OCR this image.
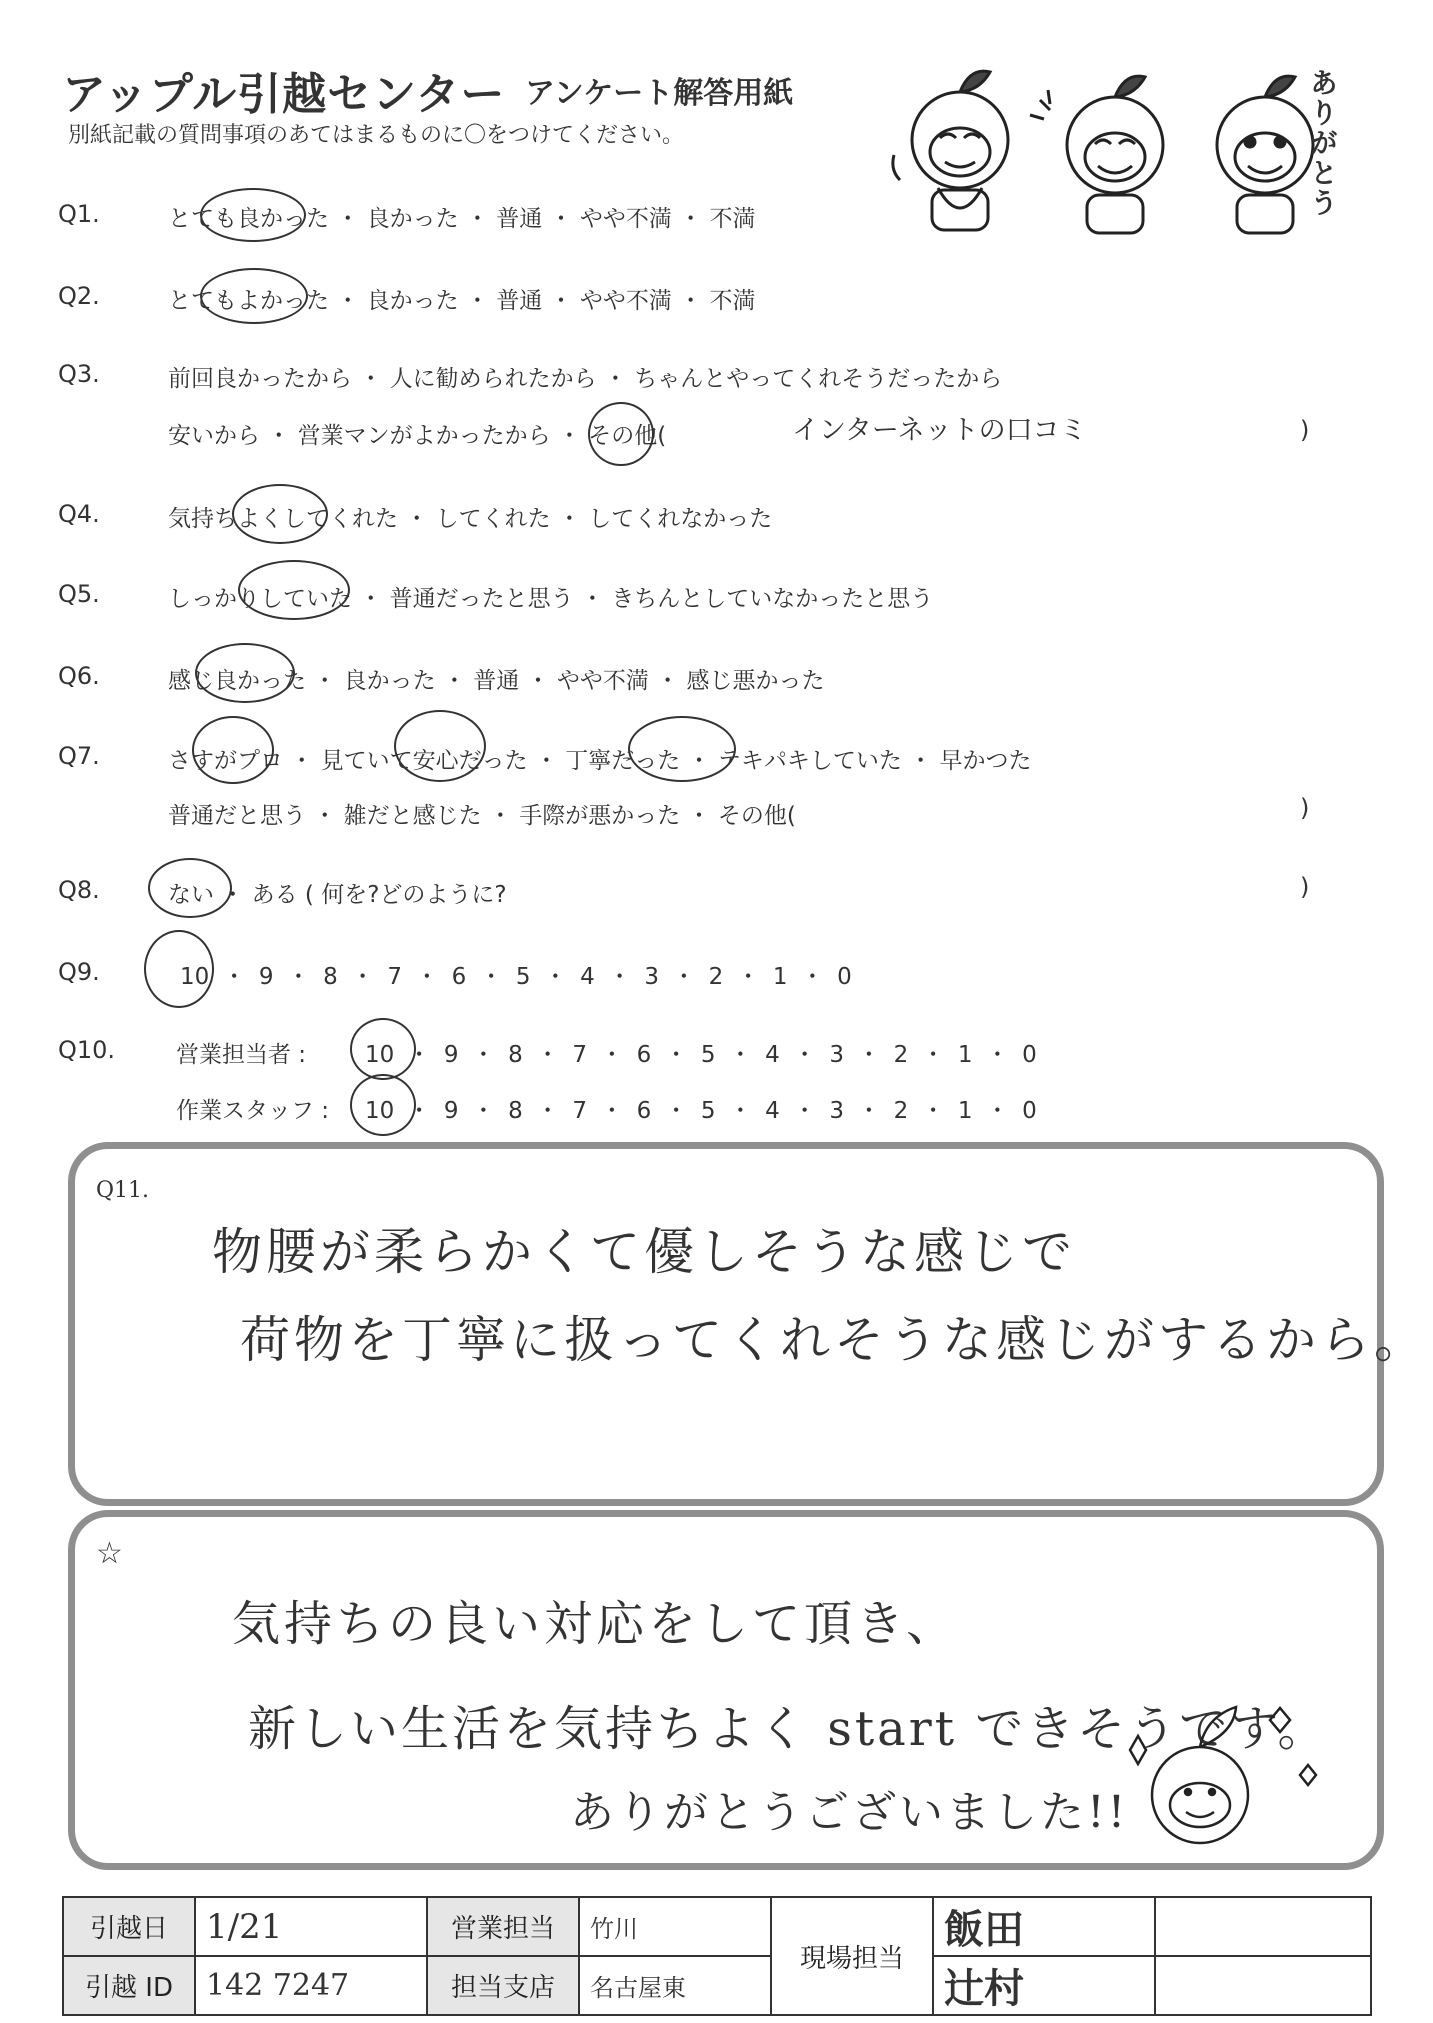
アップル引越センター アンケート解答用紙
別紙記載の質問事項のあてはまるものに〇をつけてください。	ありがとう
Q1.	とても良かった ・ 良かった ・ 普通 ・ やや不満 ・ 不満
Q2.	とてもよかった ・ 良かった ・ 普通 ・ やや不満 ・ 不満
Q3.	前回良かったから ・ 人に勧められたから ・ ちゃんとやってくれそうだったから
安いから ・ 営業マンがよかったから ・ その他(	インターネットの口コミ	)
Q4.	気持ちよくしてくれた ・ してくれた ・ してくれなかった
Q5.	しっかりしていた ・ 普通だったと思う ・ きちんとしていなかったと思う
Q6.	感じ良かった ・ 良かった ・ 普通 ・ やや不満 ・ 感じ悪かった
Q7.	さすがプロ ・ 見ていて安心だった ・ 丁寧だった ・ テキパキしていた ・ 早かつた
普通だと思う ・ 雑だと感じた ・ 手際が悪かった ・ その他(	)
Q8.	ない ・ ある ( 何を?どのように?	)
Q9.	10 ・ 9 ・ 8 ・ 7 ・ 6 ・ 5 ・ 4 ・ 3 ・ 2 ・ 1 ・ 0
Q10.	営業担当者 :	10 ・ 9 ・ 8 ・ 7 ・ 6 ・ 5 ・ 4 ・ 3 ・ 2 ・ 1 ・ 0
作業スタッフ : 10 ・ 9 ・ 8 ・ 7 ・ 6 ・ 5 ・ 4 ・ 3 ・ 2 ・ 1 ・ 0
Q11.
物腰が柔らかくて優しそうな感じで
荷物を丁寧に扱ってくれそうな感じがするから。
☆
気持ちの良い対応をして頂き、
新しい生活を気持ちよく start できそうです。
ありがとうございました!!
引越日	1/21	営業担当	竹川	現場担当	飯田	
引越 ID	142 7247	担当支店	名古屋東		辻村	
